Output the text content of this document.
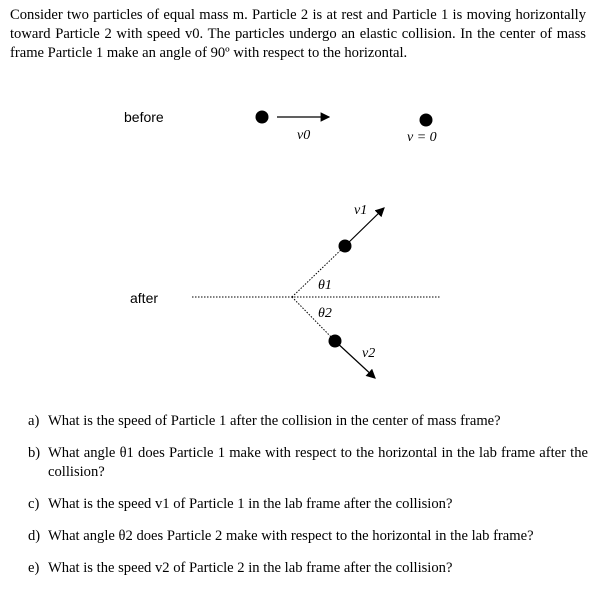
Consider two particles of equal mass m. Particle 2 is at rest and Particle 1 is moving horizontally toward Particle 2 with speed v0. The particles undergo an elastic collision. In the center of mass frame Particle 1 make an angle of 90º with respect to the horizontal.
before
after
v0	v = 0
v1
θ1
θ2
v2
a) What is the speed of Particle 1 after the collision in the center of mass frame?
b) What angle θ1 does Particle 1 make with respect to the horizontal in the lab frame after the collision?
c) What is the speed v1 of Particle 1 in the lab frame after the collision?
d) What angle θ2 does Particle 2 make with respect to the horizontal in the lab frame?
e) What is the speed v2 of Particle 2 in the lab frame after the collision?
